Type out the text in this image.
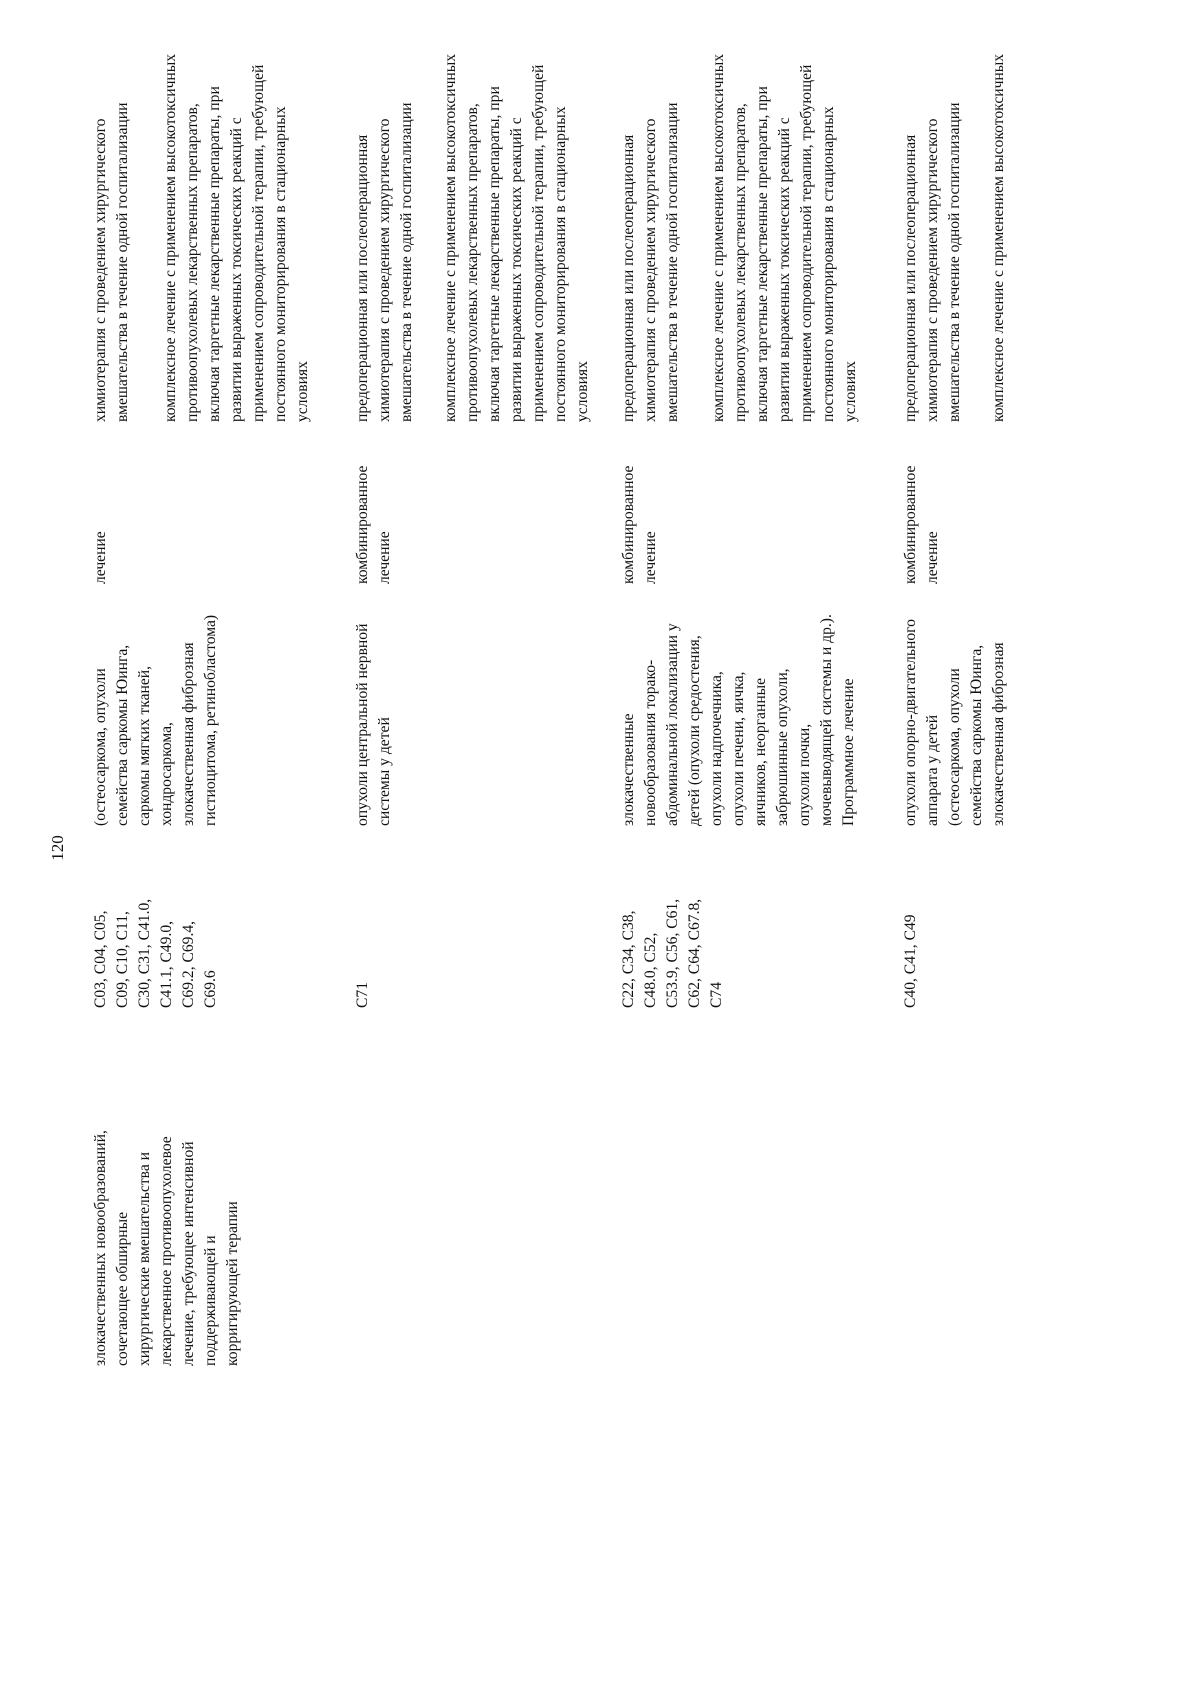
120
злокачественных новообразований,
сочетающее обширные
хирургические вмешательства и
лекарственное противоопухолевое
лечение, требующее интенсивной
поддерживающей и
корригирующей терапии
C03, C04, C05,
C09, C10, C11,
C30, C31, C41.0,
C41.1, C49.0,
C69.2, C69.4,
C69.6
(остеосаркома, опухоли
семейства саркомы Юинга,
саркомы мягких тканей,
хондросаркома,
злокачественная фиброзная
гистиоцитома, ретинобластома)
лечение
химиотерапия с проведением хирургического
вмешательства в течение одной госпитализации
комплексное лечение с применением высокотоксичных
противоопухолевых лекарственных препаратов,
включая таргетные лекарственные препараты, при
развитии выраженных токсических реакций с
применением сопроводительной терапии, требующей
постоянного мониторирования в стационарных
условиях
C71
опухоли центральной нервной
системы у детей
комбинированное
лечение
предоперационная или послеоперационная
химиотерапия с проведением хирургического
вмешательства в течение одной госпитализации
комплексное лечение с применением высокотоксичных
противоопухолевых лекарственных препаратов,
включая таргетные лекарственные препараты, при
развитии выраженных токсических реакций с
применением сопроводительной терапии, требующей
постоянного мониторирования в стационарных
условиях
C22, C34, C38,
C48.0, C52,
C53.9, C56, C61,
C62, C64, C67.8,
C74
злокачественные
новообразования торако-
абдоминальной локализации у
детей (опухоли средостения,
опухоли надпочечника,
опухоли печени, яичка,
яичников, неорганные
забрюшинные опухоли,
опухоли почки,
мочевыводящей системы и др.).
Программное лечение
комбинированное
лечение
предоперационная или послеоперационная
химиотерапия с проведением хирургического
вмешательства в течение одной госпитализации
комплексное лечение с применением высокотоксичных
противоопухолевых лекарственных препаратов,
включая таргетные лекарственные препараты, при
развитии выраженных токсических реакций с
применением сопроводительной терапии, требующей
постоянного мониторирования в стационарных
условиях
C40, C41, C49
опухоли опорно-двигательного
аппарата у детей
(остеосаркома, опухоли
семейства саркомы Юинга,
злокачественная фиброзная
комбинированное
лечение
предоперационная или послеоперационная
химиотерапия с проведением хирургического
вмешательства в течение одной госпитализации комплексное лечение с применением высокотоксичных
